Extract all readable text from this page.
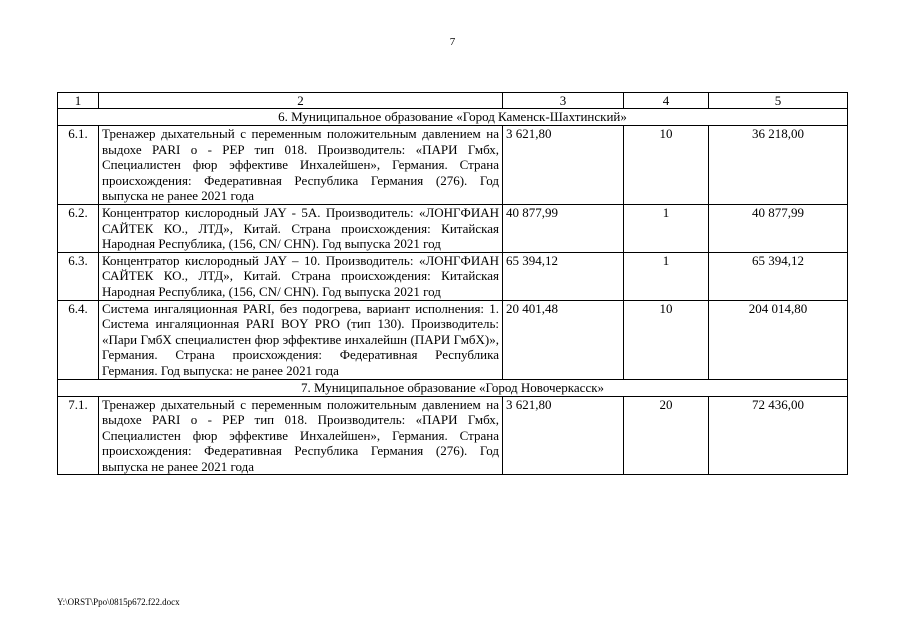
7
1	2	3	4	5
6. Муниципальное образование «Город Каменск-Шахтинский»				
6.1.	Тренажер дыхательный с переменным положительным давлением на выдохе PARI о - PEP тип 018. Производитель: «ПАРИ Гмбх, Специалистен фюр эффективе Инхалейшен», Германия. Страна происхождения: Федеративная Республика Германия (276). Год выпуска не ранее 2021 года	3 621,80	10	36 218,00
6.2.	Концентратор кислородный JAY - 5A. Производитель: «ЛОНГФИАН САЙТЕК КО., ЛТД», Китай. Страна происхождения: Китайская Народная Республика, (156, CN/ CHN). Год выпуска 2021 год	40 877,99	1	40 877,99
6.3.	Концентратор кислородный JAY – 10. Производитель: «ЛОНГФИАН САЙТЕК КО., ЛТД», Китай. Страна происхождения: Китайская Народная Республика, (156, CN/ CHN). Год выпуска 2021 год	65 394,12	1	65 394,12
6.4.	Система ингаляционная PARI, без подогрева, вариант исполнения: 1. Система ингаляционная PARI BOY PRO (тип 130). Производитель: «Пари ГмбХ специалистен фюр эффективе инхалейшн (ПАРИ ГмбХ)», Германия. Страна происхождения: Федеративная Республика Германия. Год выпуска: не ранее 2021 года	20 401,48	10	204 014,80
7. Муниципальное образование «Город Новочеркасск»				
7.1.	Тренажер дыхательный с переменным положительным давлением на выдохе PARI о - PEP тип 018. Производитель: «ПАРИ Гмбх, Специалистен фюр эффективе Инхалейшен», Германия. Страна происхождения: Федеративная Республика Германия (276). Год выпуска не ранее 2021 года	3 621,80	20	72 436,00
Y:\ORST\Ppo\0815p672.f22.docx
